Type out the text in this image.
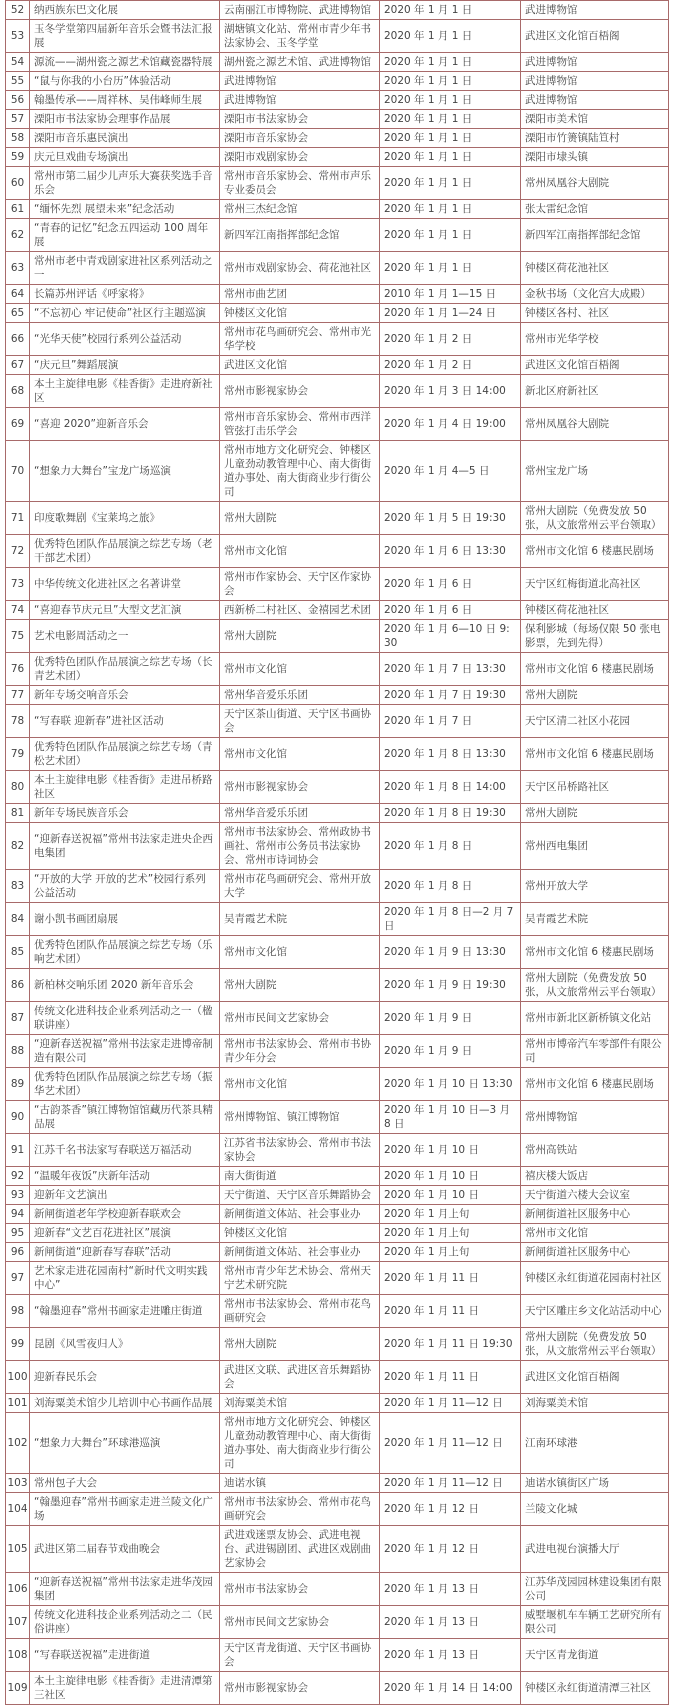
52	纳西族东巴文化展	云南丽江市博物院、武进博物馆	2020 年 1 月 1 日	武进博物馆
53	玉冬学堂第四届新年音乐会暨书法汇报展	湖塘镇文化站、常州市青少年书法家协会、玉冬学堂	2020 年 1 月 1 日	武进区文化馆百梧阁
54	源流——湖州瓷之源艺术馆藏瓷器特展	湖州瓷之源艺术馆、武进博物馆	2020 年 1 月 1 日	武进博物馆
55	“鼠与你我的小台历”体验活动	武进博物馆	2020 年 1 月 1 日	武进博物馆
56	翰墨传承——周祥林、吴伟峰师生展	武进博物馆	2020 年 1 月 1 日	武进博物馆
57	溧阳市书法家协会理事作品展	溧阳市书法家协会	2020 年 1 月 1 日	溧阳市美术馆
58	溧阳市音乐惠民演出	溧阳市音乐家协会	2020 年 1 月 1 日	溧阳市竹箦镇陆笪村
59	庆元旦戏曲专场演出	溧阳市戏剧家协会	2020 年 1 月 1 日	溧阳市埭头镇
60	常州市第二届少儿声乐大赛获奖选手音乐会	常州市音乐家协会、常州市声乐专业委员会	2020 年 1 月 1 日	常州凤凰谷大剧院
61	“缅怀先烈 展望未来”纪念活动	常州三杰纪念馆	2020 年 1 月 1 日	张太雷纪念馆
62	“青春的记忆”纪念五四运动 100 周年展	新四军江南指挥部纪念馆	2020 年 1 月 1 日	新四军江南指挥部纪念馆
63	常州市老中青戏剧家进社区系列活动之一	常州市戏剧家协会、荷花池社区	2020 年 1 月 1 日	钟楼区荷花池社区
64	长篇苏州评话《呼家将》	常州市曲艺团	2010 年 1 月 1—15 日	金秋书场（文化宫大成殿）
65	“不忘初心 牢记使命”社区行主题巡演	钟楼区文化馆	2020 年 1 月 1—24 日	钟楼区各村、社区
66	“光华天使”校园行系列公益活动	常州市花鸟画研究会、常州市光华学校	2020 年 1 月 2 日	常州市光华学校
67	“庆元旦”舞蹈展演	武进区文化馆	2020 年 1 月 2 日	武进区文化馆百梧阁
68	本土主旋律电影《桂香街》走进府新社区	常州市影视家协会	2020 年 1 月 3 日 14:00	新北区府新社区
69	“喜迎 2020”迎新音乐会	常州市音乐家协会、常州市西洋管弦打击乐学会	2020 年 1 月 4 日 19:00	常州凤凰谷大剧院
70	“想象力大舞台”宝龙广场巡演	常州市地方文化研究会、钟楼区儿童劲动教管理中心、南大街街道办事处、南大街商业步行街公司	2020 年 1 月 4—5 日	常州宝龙广场
71	印度歌舞剧《宝莱坞之旅》	常州大剧院	2020 年 1 月 5 日 19:30	常州大剧院（免费发放 50 张，从文旅常州云平台领取）
72	优秀特色团队作品展演之综艺专场（老干部艺术团）	常州市文化馆	2020 年 1 月 6 日 13:30	常州市文化馆 6 楼惠民剧场
73	中华传统文化进社区之名著讲堂	常州市作家协会、天宁区作家协会	2020 年 1 月 6 日	天宁区红梅街道北高社区
74	“喜迎春节庆元旦”大型文艺汇演	西新桥二村社区、金禧园艺术团	2020 年 1 月 6 日	钟楼区荷花池社区
75	艺术电影周活动之一	常州大剧院	2020 年 1 月 6—10 日 9:30	保利影城（每场仅限 50 张电影票，先到先得）
76	优秀特色团队作品展演之综艺专场（长青艺术团）	常州市文化馆	2020 年 1 月 7 日 13:30	常州市文化馆 6 楼惠民剧场
77	新年专场交响音乐会	常州华音爱乐乐团	2020 年 1 月 7 日 19:30	常州大剧院
78	“写春联 迎新春”进社区活动	天宁区茶山街道、天宁区书画协会	2020 年 1 月 7 日	天宁区清二社区小花园
79	优秀特色团队作品展演之综艺专场（青松艺术团）	常州市文化馆	2020 年 1 月 8 日 13:30	常州市文化馆 6 楼惠民剧场
80	本土主旋律电影《桂香街》走进吊桥路社区	常州市影视家协会	2020 年 1 月 8 日 14:00	天宁区吊桥路社区
81	新年专场民族音乐会	常州华音爱乐乐团	2020 年 1 月 8 日 19:30	常州大剧院
82	“迎新春送祝福”常州书法家走进央企西电集团	常州市书法家协会、常州政协书画社、常州市公务员书法家协会、常州市诗词协会	2020 年 1 月 8 日	常州西电集团
83	“开放的大学 开放的艺术”校园行系列公益活动	常州市花鸟画研究会、常州开放大学	2020 年 1 月 8 日	常州开放大学
84	谢小凯书画团扇展	吴青霞艺术院	2020 年 1 月 8 日—2 月 7 日	吴青霞艺术院
85	优秀特色团队作品展演之综艺专场（乐响艺术团）	常州市文化馆	2020 年 1 月 9 日 13:30	常州市文化馆 6 楼惠民剧场
86	新柏林交响乐团 2020 新年音乐会	常州大剧院	2020 年 1 月 9 日 19:30	常州大剧院（免费发放 50 张，从文旅常州云平台领取）
87	传统文化进科技企业系列活动之一（楹联讲座）	常州市民间文艺家协会	2020 年 1 月 9 日	常州市新北区新桥镇文化站
88	“迎新春送祝福”常州书法家走进博帝制造有限公司	常州市书法家协会、常州市书协青少年分会	2020 年 1 月 9 日	常州市博帝汽车零部件有限公司
89	优秀特色团队作品展演之综艺专场（振华艺术团）	常州市文化馆	2020 年 1 月 10 日 13:30	常州市文化馆 6 楼惠民剧场
90	“古韵茶香”镇江博物馆馆藏历代茶具精品展	常州博物馆、镇江博物馆	2020 年 1 月 10 日—3 月 8 日	常州博物馆
91	江苏千名书法家写春联送万福活动	江苏省书法家协会、常州市书法家协会	2020 年 1 月 10 日	常州高铁站
92	“温暖年夜饭”庆新年活动	南大街街道	2020 年 1 月 10 日	禧庆楼大饭店
93	迎新年文艺演出	天宁街道、天宁区音乐舞蹈协会	2020 年 1 月 10 日	天宁街道六楼大会议室
94	新闸街道老年学校迎新春联欢会	新闸街道文体站、社会事业办	2020 年 1 月上旬	新闸街道社区服务中心
95	迎新春“文艺百花进社区”展演	钟楼区文化馆	2020 年 1 月上旬	常州市文化馆
96	新闸街道“迎新春写春联”活动	新闸街道文体站、社会事业办	2020 年 1 月上旬	新闸街道社区服务中心
97	艺术家走进花园南村“新时代文明实践中心”	常州市青少年艺术协会、常州天宁艺术研究院	2020 年 1 月 11 日	钟楼区永红街道花园南村社区
98	“翰墨迎春”常州书画家走进雕庄街道	常州市书法家协会、常州市花鸟画研究会	2020 年 1 月 11 日	天宁区雕庄乡文化站活动中心
99	昆剧《风雪夜归人》	常州大剧院	2020 年 1 月 11 日 19:30	常州大剧院（免费发放 50 张，从文旅常州云平台领取）
100	迎新春民乐会	武进区文联、武进区音乐舞蹈协会	2020 年 1 月 11 日	武进区文化馆百梧阁
101	刘海粟美术馆少儿培训中心书画作品展	刘海粟美术馆	2020 年 1 月 11—12 日	刘海粟美术馆
102	“想象力大舞台”环球港巡演	常州市地方文化研究会、钟楼区儿童劲动教管理中心、南大街街道办事处、南大街商业步行街公司	2020 年 1 月 11—12 日	江南环球港
103	常州包子大会	迪诺水镇	2020 年 1 月 11—12 日	迪诺水镇街区广场
104	“翰墨迎春”常州书画家走进兰陵文化广场	常州市书法家协会、常州市花鸟画研究会	2020 年 1 月 12 日	兰陵文化城
105	武进区第二届春节戏曲晚会	武进戏迷票友协会、武进电视台、武进锡剧团、武进区戏剧曲艺家协会	2020 年 1 月 12 日	武进电视台演播大厅
106	“迎新春送祝福”常州书法家走进华茂园集团	常州市书法家协会	2020 年 1 月 13 日	江苏华茂园园林建设集团有限公司
107	传统文化进科技企业系列活动之二（民俗讲座）	常州市民间文艺家协会	2020 年 1 月 13 日	威墅堰机车车辆工艺研究所有限公司
108	“写春联送祝福”走进街道	天宁区青龙街道、天宁区书画协会	2020 年 1 月 13 日	天宁区青龙街道
109	本土主旋律电影《桂香街》走进清潭第三社区	常州市影视家协会	2020 年 1 月 14 日 14:00	钟楼区永红街道清潭三社区
